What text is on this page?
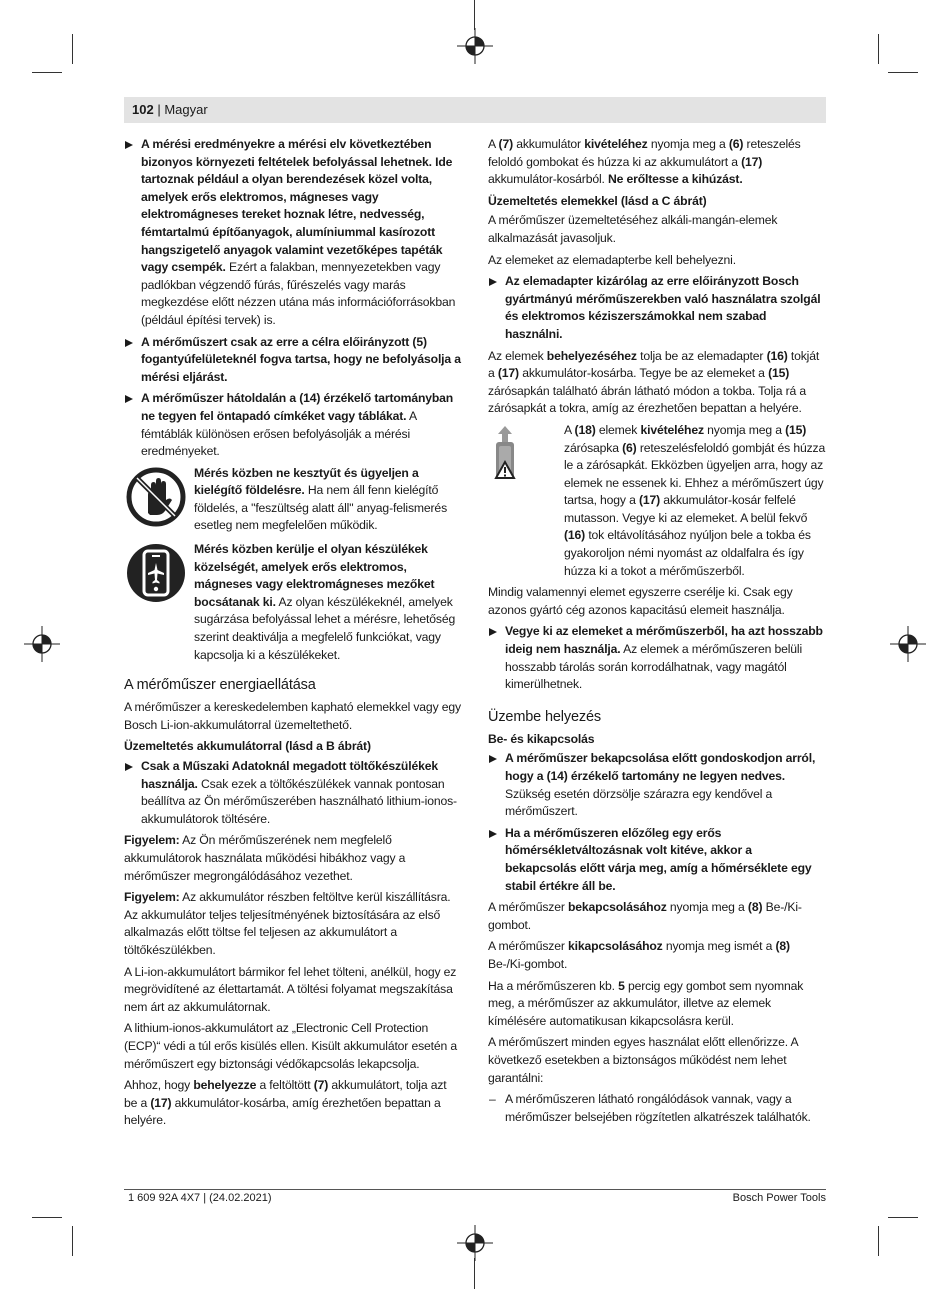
102 | Magyar
A mérési eredményekre a mérési elv következtében bizonyos környezeti feltételek befolyással lehetnek. Ide tartoznak például a olyan berendezések közel volta, amelyek erős elektromos, mágneses vagy elektromágneses tereket hoznak létre, nedvesség, fémtartalmú építőanyagok, alumíniummal kasírozott hangszigetelő anyagok valamint vezetőképes tapéták vagy csempék. Ezért a falakban, mennyezetekben vagy padlókban végzendő fúrás, fűrészelés vagy marás megkezdése előtt nézzen utána más információforrásokban (például építési tervek) is.
A mérőműszert csak az erre a célra előirányzott (5) fogantyúfelületeknél fogva tartsa, hogy ne befolyásolja a mérési eljárást.
A mérőműszer hátoldalán a (14) érzékelő tartományban ne tegyen fel öntapadó címkéket vagy táblákat. A fémtáblák különösen erősen befolyásolják a mérési eredményeket.
Mérés közben ne kesztyűt és ügyeljen a kielégítő földelésre. Ha nem áll fenn kielégítő földelés, a "feszültség alatt áll" anyag-felismerés esetleg nem megfelelően működik.
Mérés közben kerülje el olyan készülékek közelségét, amelyek erős elektromos, mágneses vagy elektromágneses mezőket bocsátanak ki. Az olyan készülékeknél, amelyek sugárzása befolyással lehet a mérésre, lehetőség szerint deaktiválja a megfelelő funkciókat, vagy kapcsolja ki a készülékeket.
A mérőműszer energiaellátása

A mérőműszer a kereskedelemben kapható elemekkel vagy egy Bosch Li-ion-akkumulátorral üzemeltethető.

Üzemeltetés akkumulátorral (lásd a B ábrát)
Csak a Műszaki Adatoknál megadott töltőkészülékek használja. Csak ezek a töltőkészülékek vannak pontosan beállítva az Ön mérőműszerében használható lithium-ionos-akkumulátorok töltésére.

Figyelem: Az Ön mérőműszerének nem megfelelő akkumulátorok használata működési hibákhoz vagy a mérőműszer megrongálódásához vezethet.

Figyelem: Az akkumulátor részben feltöltve kerül kiszállításra. Az akkumulátor teljes teljesítményének biztosítására az első alkalmazás előtt töltse fel teljesen az akkumulátort a töltőkészülékben.

A Li-ion-akkumulátort bármikor fel lehet tölteni, anélkül, hogy ez megrövidítené az élettartamát. A töltési folyamat megszakítása nem árt az akkumulátornak.

A lithium-ionos-akkumulátort az „Electronic Cell Protection (ECP)“ védi a túl erős kisülés ellen. Kisült akkumulátor esetén a mérőműszert egy biztonsági védőkapcsolás lekapcsolja.

Ahhoz, hogy behelyezze a feltöltött (7) akkumulátort, tolja azt be a (17) akkumulátor-kosárba, amíg érezhetően bepattan a helyére.

A (7) akkumulátor kivételéhez nyomja meg a (6) reteszelés feloldó gombokat és húzza ki az akkumulátort a (17) akkumulátor-kosárból. Ne erőltesse a kihúzást.

Üzemeltetés elemekkel (lásd a C ábrát)

A mérőműszer üzemeltetéséhez alkáli-mangán-elemek alkalmazását javasoljuk.

Az elemeket az elemadapterbe kell behelyezni.

Az elemadapter kizárólag az erre előirányzott Bosch gyártmányú mérőműszerekben való használatra szolgál és elektromos kéziszerszámokkal nem szabad használni.

Az elemek behelyezéséhez tolja be az elemadapter (16) tokját a (17) akkumulátor-kosárba. Tegye be az elemeket a (15) zárósapkán található ábrán látható módon a tokba. Tolja rá a zárósapkát a tokra, amíg az érezhetően bepattan a helyére.

A (18) elemek kivételéhez nyomja meg a (15) zárósapka (6) reteszelésfeloldó gombját és húzza le a zárósapkát. Ekközben ügyeljen arra, hogy az elemek ne essenek ki. Ehhez a mérőműszert úgy tartsa, hogy a (17) akkumulátor-kosár felfelé mutasson. Vegye ki az elemeket. A belül fekvő (16) tok eltávolításához nyúljon bele a tokba és gyakoroljon némi nyomást az oldalfalra és így húzza ki a tokot a mérőműszerből.

Mindig valamennyi elemet egyszerre cserélje ki. Csak egy azonos gyártó cég azonos kapacitású elemeit használja.

Vegye ki az elemeket a mérőműszerből, ha azt hosszabb ideig nem használja. Az elemek a mérőműszeren belüli hosszabb tárolás során korrodálhatnak, vagy magától kimerülhetnek.
Üzembe helyezés
Be- és kikapcsolás
A mérőműszer bekapcsolása előtt gondoskodjon arról, hogy a (14) érzékelő tartomány ne legyen nedves. Szükség esetén dörzsölje szárazra egy kendővel a mérőműszert.
Ha a mérőműszeren előzőleg egy erős hőmérsékletváltozásnak volt kitéve, akkor a bekapcsolás előtt várja meg, amíg a hőmérséklete egy stabil értékre áll be.

A mérőműszer bekapcsolásához nyomja meg a (8) Be-/Ki-gombot.

A mérőműszer kikapcsolásához nyomja meg ismét a (8) Be-/Ki-gombot.

Ha a mérőműszeren kb. 5 percig egy gombot sem nyomnak meg, a mérőműszer az akkumulátor, illetve az elemek kímélésére automatikusan kikapcsolásra kerül.

A mérőműszert minden egyes használat előtt ellenőrizze. A következő esetekben a biztonságos működést nem lehet garantálni:

– A mérőműszeren látható rongálódások vannak, vagy a mérőműszer belsejében rögzítetlen alkatrészek találhatók.
1 609 92A 4X7 | (24.02.2021)	Bosch Power Tools
